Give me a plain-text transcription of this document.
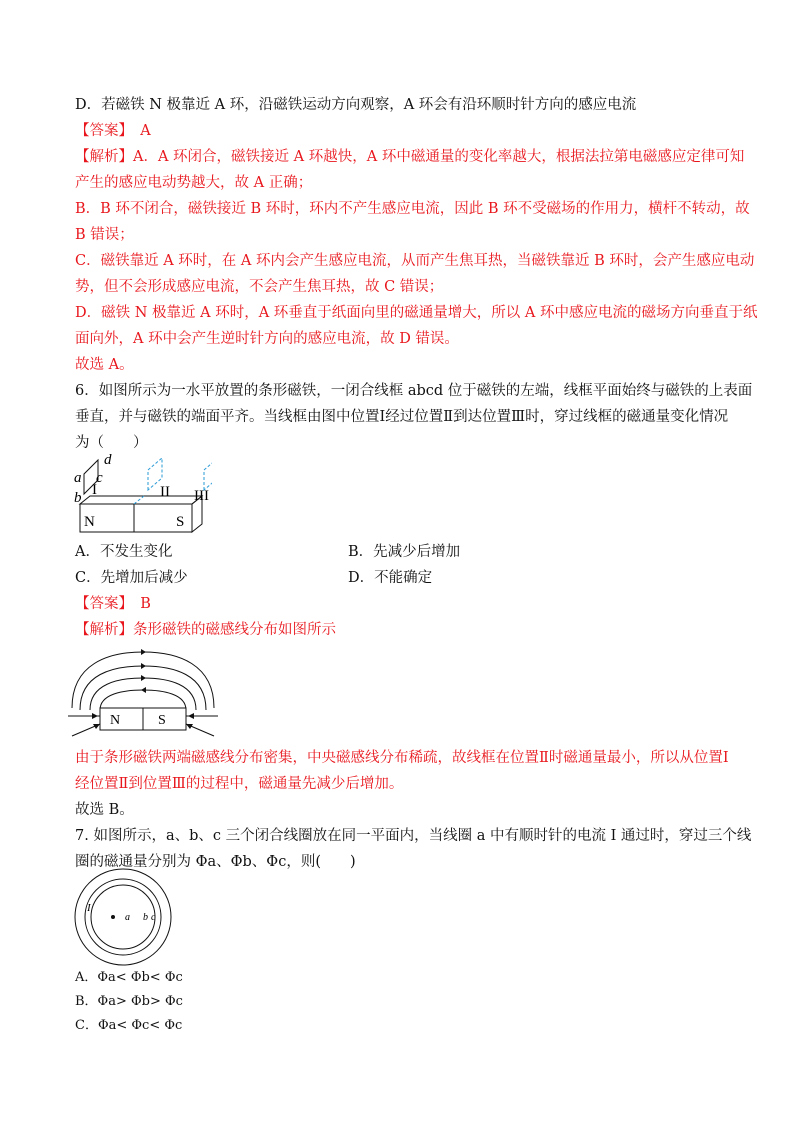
D．若磁铁 N 极靠近 A 环，沿磁铁运动方向观察，A 环会有沿环顺时针方向的感应电流
【答案】　A
【解析】A．A 环闭合，磁铁接近 A 环越快，A 环中磁通量的变化率越大，根据法拉第电磁感应定律可知
产生的感应电动势越大，故 A 正确；
B．B 环不闭合，磁铁接近 B 环时，环内不产生感应电流，因此 B 环不受磁场的作用力，横杆不转动，故
B 错误；
C．磁铁靠近 A 环时，在 A 环内会产生感应电流，从而产生焦耳热，当磁铁靠近 B 环时，会产生感应电动
势，但不会形成感应电流，不会产生焦耳热，故 C 错误；
D．磁铁 N 极靠近 A 环时，A 环垂直于纸面向里的磁通量增大，所以 A 环中感应电流的磁场方向垂直于纸
面向外，A 环中会产生逆时针方向的感应电流，故 D 错误。
故选 A。
6．如图所示为一水平放置的条形磁铁，一闭合线框 abcd 位于磁铁的左端，线框平面始终与磁铁的上表面
垂直，并与磁铁的端面平齐。当线框由图中位置Ⅰ经过位置Ⅱ到达位置Ⅲ时，穿过线框的磁通量变化情况
为（　　）
a
d
c
b I	II III
N	S
A．不发生变化	B．先减少后增加
C．先增加后减少	D．不能确定
【答案】　B
【解析】条形磁铁的磁感线分布如图所示
N	S
由于条形磁铁两端磁感线分布密集，中央磁感线分布稀疏，故线框在位置Ⅱ时磁通量最小，所以从位置Ⅰ
经位置Ⅱ到位置Ⅲ的过程中，磁通量先减少后增加。
故选 B。
7. 如图所示，a、b、c 三个闭合线圈放在同一平面内，当线圈 a 中有顺时针的电流 I 通过时，穿过三个线
圈的磁通量分别为 Φa、Φb、Φc，则(　　)
I
a b c
A．Φa< Φb< Φc
B．Φa> Φb> Φc
C．Φa< Φc< Φc
